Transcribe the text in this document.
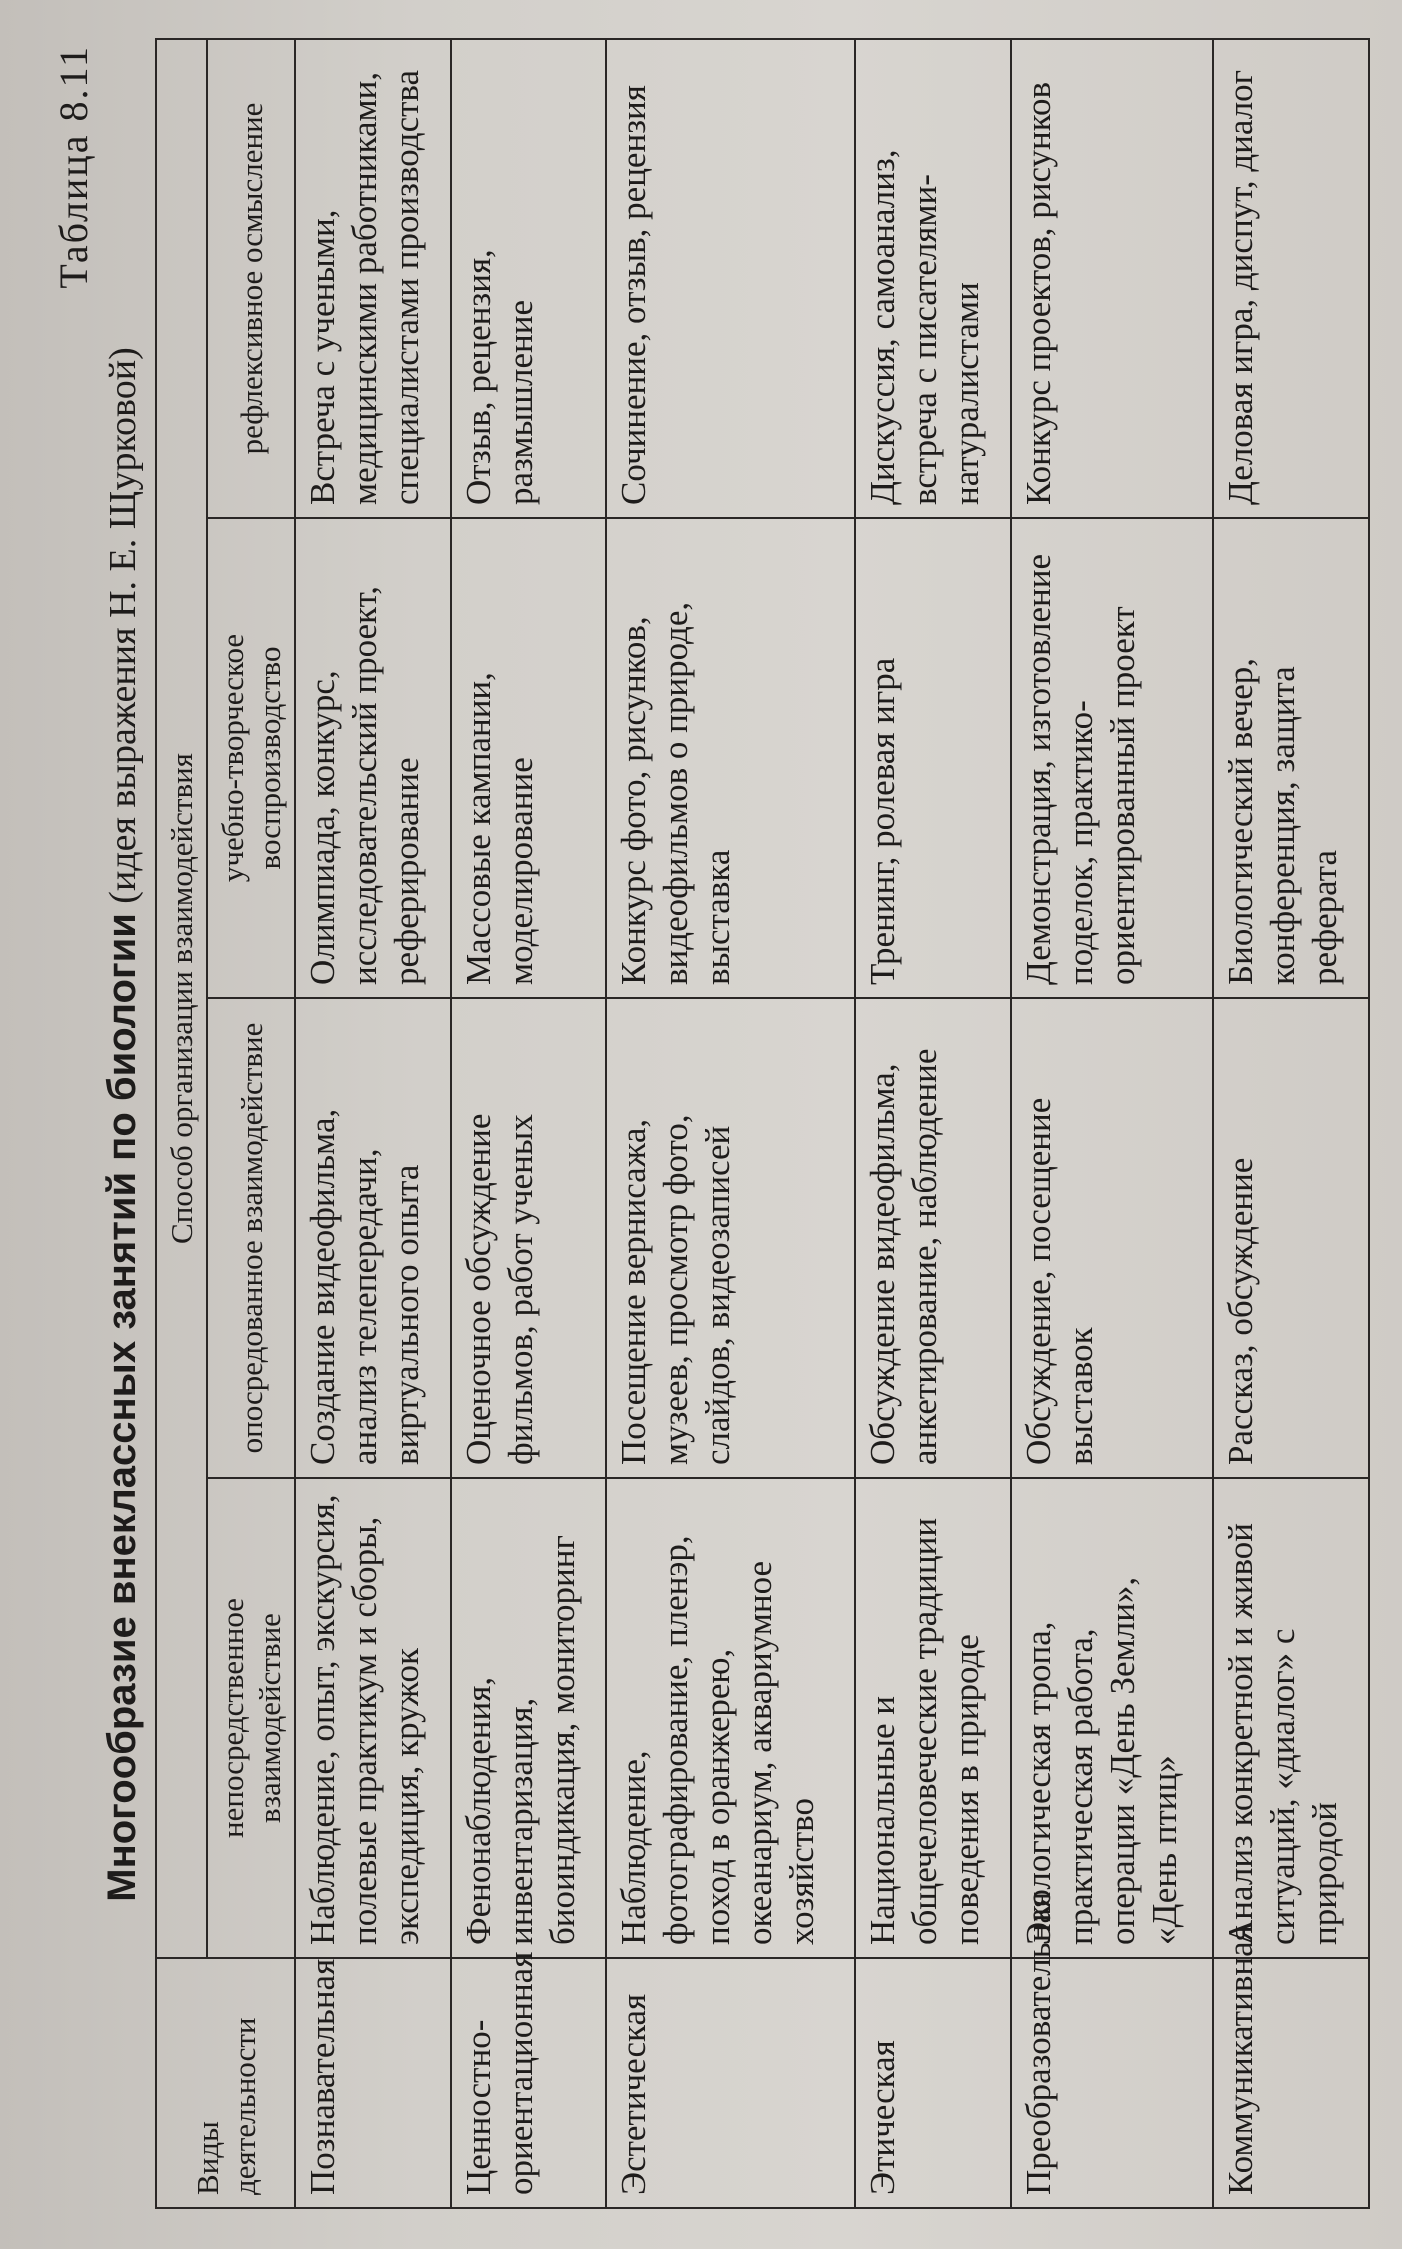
Таблица 8.11
Многообразие внеклассных занятий по биологии (идея выражения Н. Е. Щурковой)
Виды деятельности	Способ организации взаимодействия			
	непосредственное взаимодействие	опосредованное взаимодействие	учебно-творческое воспроизводство	рефлексивное осмысление
Познавательная	Наблюдение, опыт, экскурсия, полевые практикум и сборы, экспедиция, кружок	Создание видеофильма, анализ телепередачи, виртуального опыта	Олимпиада, конкурс, исследовательский проект, реферирование	Встреча с учеными, медицинскими работниками, специалистами производства
Ценностно-ориентационная	Фенонаблюдения, инвентаризация, биоиндикация, мониторинг	Оценочное обсуждение фильмов, работ ученых	Массовые кампании, моделирование	Отзыв, рецензия, размышление
Эстетическая	Наблюдение, фотографирование, пленэр, поход в оранжерею, океанариум, аквариумное хозяйство	Посещение вернисажа, музеев, просмотр фото, слайдов, видеозаписей	Конкурс фото, рисунков, видеофильмов о природе, выставка	Сочинение, отзыв, рецензия
Этическая	Национальные и общечеловеческие традиции поведения в природе	Обсуждение видеофильма, анкетирование, наблюдение	Тренинг, ролевая игра	Дискуссия, самоанализ, встреча с писателями-натуралистами
Преобразовательная	Экологическая тропа, практическая работа, операции «День Земли», «День птиц»	Обсуждение, посещение выставок	Демонстрация, изготовление поделок, практико-ориентированный проект	Конкурс проектов, рисунков
Коммуникативная	Анализ конкретной и живой ситуаций, «диалог» с природой	Рассказ, обсуждение	Биологический вечер, конференция, защита реферата	Деловая игра, диспут, диалог
